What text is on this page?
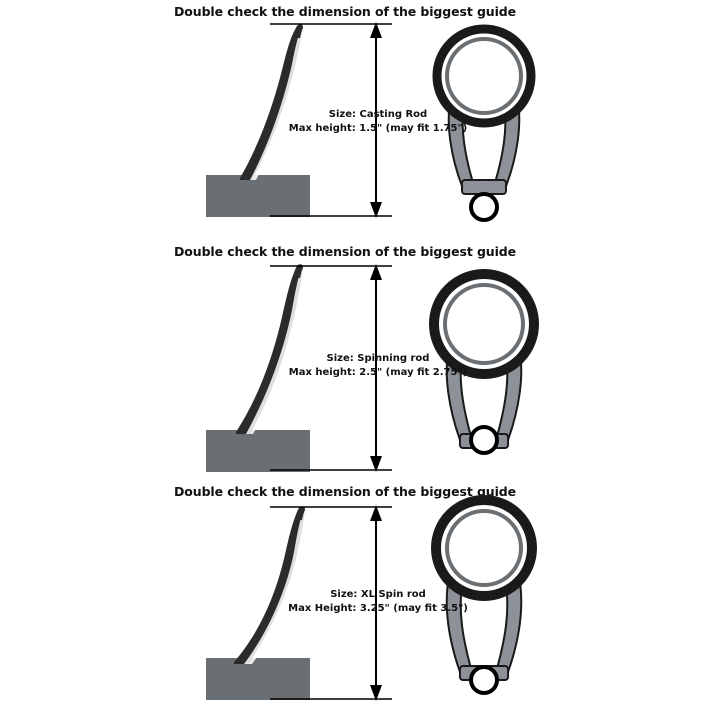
Double check the dimension of the biggest guide
Size: Casting Rod
Max height: 1.5" (may fit 1.75")
Double check the dimension of the biggest guide
Size: Spinning rod
Max height: 2.5" (may fit 2.75")
Double check the dimension of the biggest guide
Size: XL Spin rod
Max Height: 3.25" (may fit 3.5")
